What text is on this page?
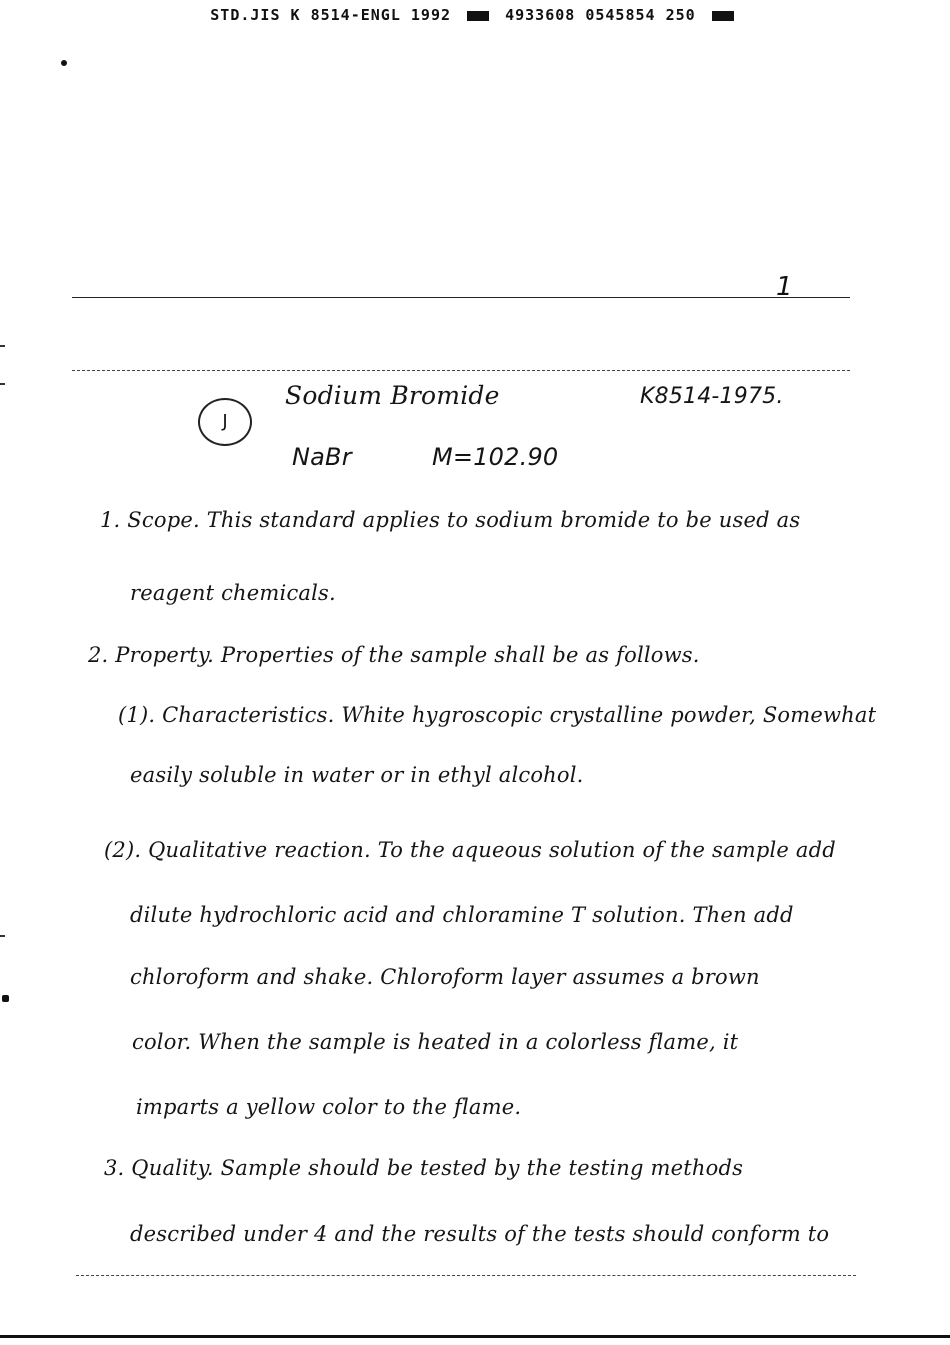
STD.JIS K 8514-ENGL 1992	4933608 0545854 250
1
J
Sodium Bromide	K8514-1975.
NaBr	M=102.90
1. Scope. This standard applies to sodium bromide to be used as
reagent chemicals.
2. Property. Properties of the sample shall be as follows.
(1). Characteristics. White hygroscopic crystalline powder, Somewhat
easily soluble in water or in ethyl alcohol.
(2). Qualitative reaction. To the aqueous solution of the sample add
dilute hydrochloric acid and chloramine T solution. Then add
chloroform and shake. Chloroform layer assumes a brown
color. When the sample is heated in a colorless flame, it
imparts a yellow color to the flame.
3. Quality. Sample should be tested by the testing methods
described under 4 and the results of the tests should conform to
